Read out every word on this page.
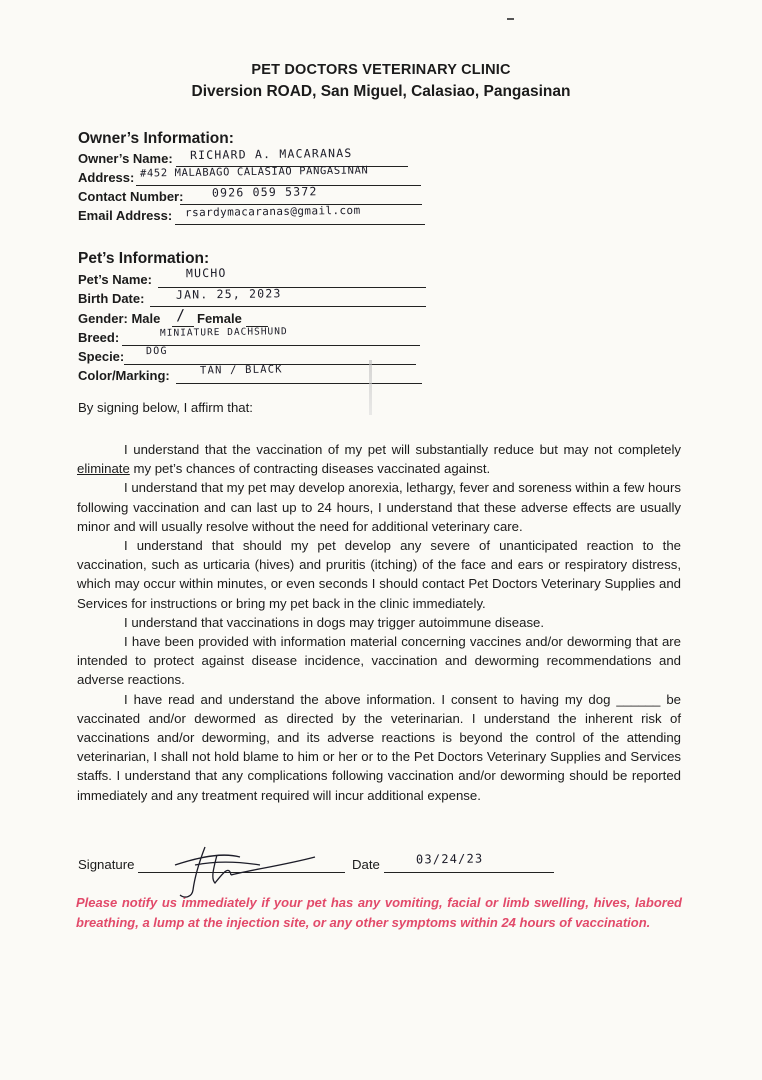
PET DOCTORS VETERINARY CLINIC
Diversion ROAD, San Miguel, Calasiao, Pangasinan
Owner’s Information:
Owner’s Name: RICHARD A. MACARANAS
Address: #452 MALABAGO CALASIAO PANGASINAN
Contact Number: 0926 059 5372
Email Address: rsardymacaranas@gmail.com
Pet’s Information:
Pet’s Name:	MUCHO
Birth Date:	JAN. 25, 2023
Gender: Male / Female
Breed:	MINIATURE DACHSHUND
Specie: DOG
Color/Marking:	TAN / BLACK
By signing below, I affirm that:

I understand that the vaccination of my pet will substantially reduce but may not completely eliminate my pet’s chances of contracting diseases vaccinated against.

I understand that my pet may develop anorexia, lethargy, fever and soreness within a few hours following vaccination and can last up to 24 hours, I understand that these adverse effects are usually minor and will usually resolve without the need for additional veterinary care.

I understand that should my pet develop any severe of unanticipated reaction to the vaccination, such as urticaria (hives) and pruritis (itching) of the face and ears or respiratory distress, which may occur within minutes, or even seconds I should contact Pet Doctors Veterinary Supplies and Services for instructions or bring my pet back in the clinic immediately.

I understand that vaccinations in dogs may trigger autoimmune disease.

I have been provided with information material concerning vaccines and/or deworming that are intended to protect against disease incidence, vaccination and deworming recommendations and adverse reactions.

I have read and understand the above information. I consent to having my dog ______ be vaccinated and/or dewormed as directed by the veterinarian. I understand the inherent risk of vaccinations and/or deworming, and its adverse reactions is beyond the control of the attending veterinarian, I shall not hold blame to him or her or to the Pet Doctors Veterinary Supplies and Services staffs. I understand that any complications following vaccination and/or deworming should be reported immediately and any treatment required will incur additional expense.

Signature	Date	03/24/23
Please notify us immediately if your pet has any vomiting, facial or limb swelling, hives, labored breathing, a lump at the injection site, or any other symptoms within 24 hours of vaccination.
